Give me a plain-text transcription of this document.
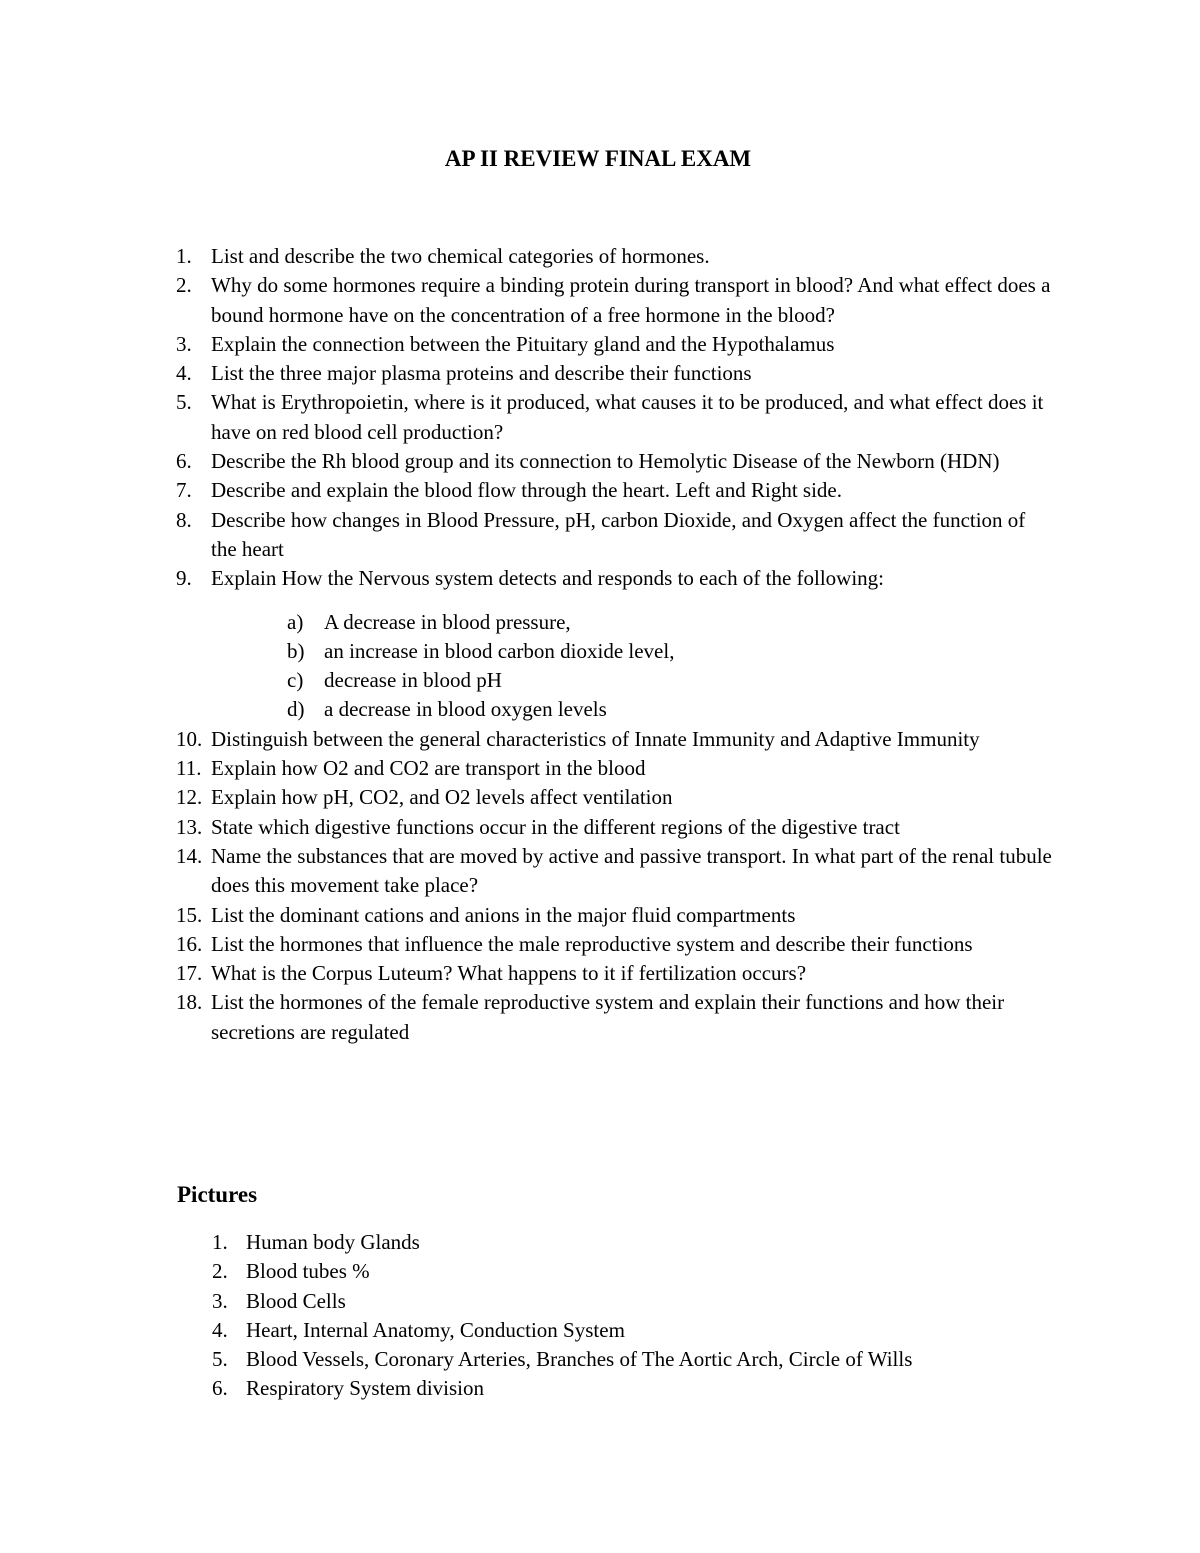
AP II REVIEW FINAL EXAM
1. List and describe the two chemical categories of hormones.
2. Why do some hormones require a binding protein during transport in blood? And what effect does a bound hormone have on the concentration of a free hormone in the blood?
3. Explain the connection between the Pituitary gland and the Hypothalamus
4. List the three major plasma proteins and describe their functions
5. What is Erythropoietin, where is it produced, what causes it to be produced, and what effect does it have on red blood cell production?
6. Describe the Rh blood group and its connection to Hemolytic Disease of the Newborn (HDN)
7. Describe and explain the blood flow through the heart. Left and Right side.
8. Describe how changes in Blood Pressure, pH, carbon Dioxide, and Oxygen affect the function of the heart
9. Explain How the Nervous system detects and responds to each of the following:
a) A decrease in blood pressure,
b) an increase in blood carbon dioxide level,
c) decrease in blood pH
d) a decrease in blood oxygen levels
10. Distinguish between the general characteristics of Innate Immunity and Adaptive Immunity
11. Explain how O2 and CO2 are transport in the blood
12. Explain how pH, CO2, and O2 levels affect ventilation
13. State which digestive functions occur in the different regions of the digestive tract
14. Name the substances that are moved by active and passive transport. In what part of the renal tubule does this movement take place?
15. List the dominant cations and anions in the major fluid compartments
16. List the hormones that influence the male reproductive system and describe their functions
17. What is the Corpus Luteum? What happens to it if fertilization occurs?
18. List the hormones of the female reproductive system and explain their functions and how their secretions are regulated
Pictures
1. Human body Glands
2. Blood tubes %
3. Blood Cells
4. Heart, Internal Anatomy, Conduction System
5. Blood Vessels, Coronary Arteries, Branches of The Aortic Arch, Circle of Wills
6. Respiratory System division
